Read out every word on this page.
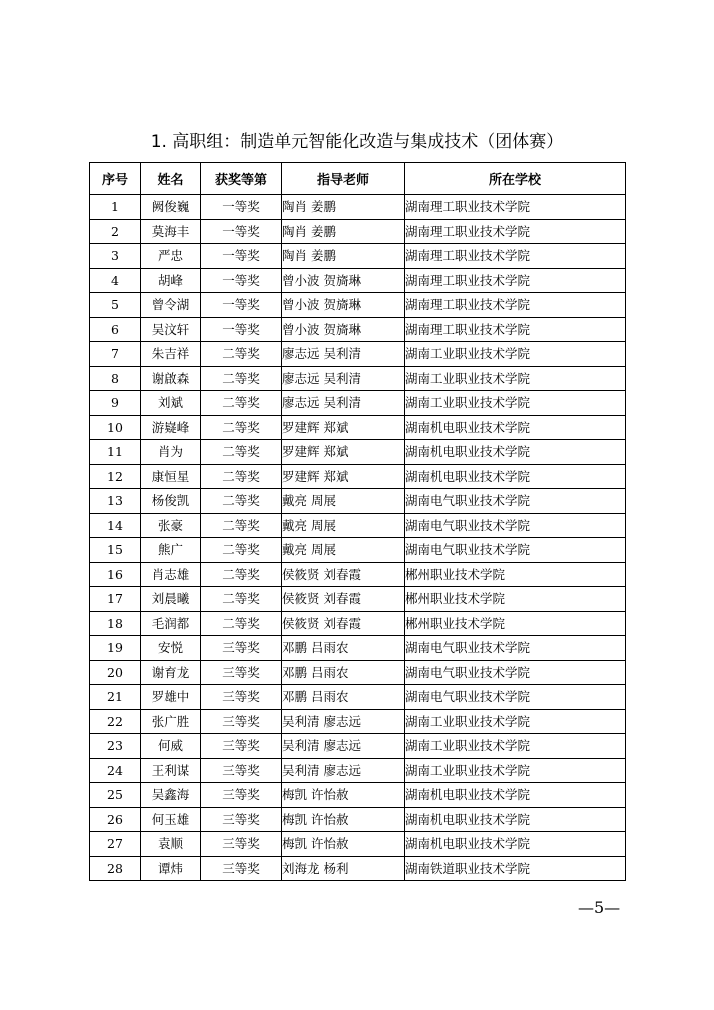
1. 高职组：制造单元智能化改造与集成技术（团体赛）
序号	姓名	获奖等第	指导老师	所在学校
1	阙俊巍	一等奖	陶肖 姜鹏	湖南理工职业技术学院
2	莫海丰	一等奖	陶肖 姜鹏	湖南理工职业技术学院
3	严忠	一等奖	陶肖 姜鹏	湖南理工职业技术学院
4	胡峰	一等奖	曾小波 贺旖琳	湖南理工职业技术学院
5	曾令湖	一等奖	曾小波 贺旖琳	湖南理工职业技术学院
6	吴汶轩	一等奖	曾小波 贺旖琳	湖南理工职业技术学院
7	朱吉祥	二等奖	廖志远 吴利清	湖南工业职业技术学院
8	谢啟森	二等奖	廖志远 吴利清	湖南工业职业技术学院
9	刘斌	二等奖	廖志远 吴利清	湖南工业职业技术学院
10	游嶷峰	二等奖	罗建辉 郑斌	湖南机电职业技术学院
11	肖为	二等奖	罗建辉 郑斌	湖南机电职业技术学院
12	康恒星	二等奖	罗建辉 郑斌	湖南机电职业技术学院
13	杨俊凯	二等奖	戴亮 周展	湖南电气职业技术学院
14	张豪	二等奖	戴亮 周展	湖南电气职业技术学院
15	熊广	二等奖	戴亮 周展	湖南电气职业技术学院
16	肖志雄	二等奖	侯筱贤 刘春霞	郴州职业技术学院
17	刘晨曦	二等奖	侯筱贤 刘春霞	郴州职业技术学院
18	毛润都	二等奖	侯筱贤 刘春霞	郴州职业技术学院
19	安悦	三等奖	邓鹏 吕雨农	湖南电气职业技术学院
20	谢育龙	三等奖	邓鹏 吕雨农	湖南电气职业技术学院
21	罗雄中	三等奖	邓鹏 吕雨农	湖南电气职业技术学院
22	张广胜	三等奖	吴利清 廖志远	湖南工业职业技术学院
23	何威	三等奖	吴利清 廖志远	湖南工业职业技术学院
24	王利谋	三等奖	吴利清 廖志远	湖南工业职业技术学院
25	吴鑫海	三等奖	梅凯 许怡赦	湖南机电职业技术学院
26	何玉雄	三等奖	梅凯 许怡赦	湖南机电职业技术学院
27	袁顺	三等奖	梅凯 许怡赦	湖南机电职业技术学院
28	谭炜	三等奖	刘海龙 杨利	湖南铁道职业技术学院
—5—
